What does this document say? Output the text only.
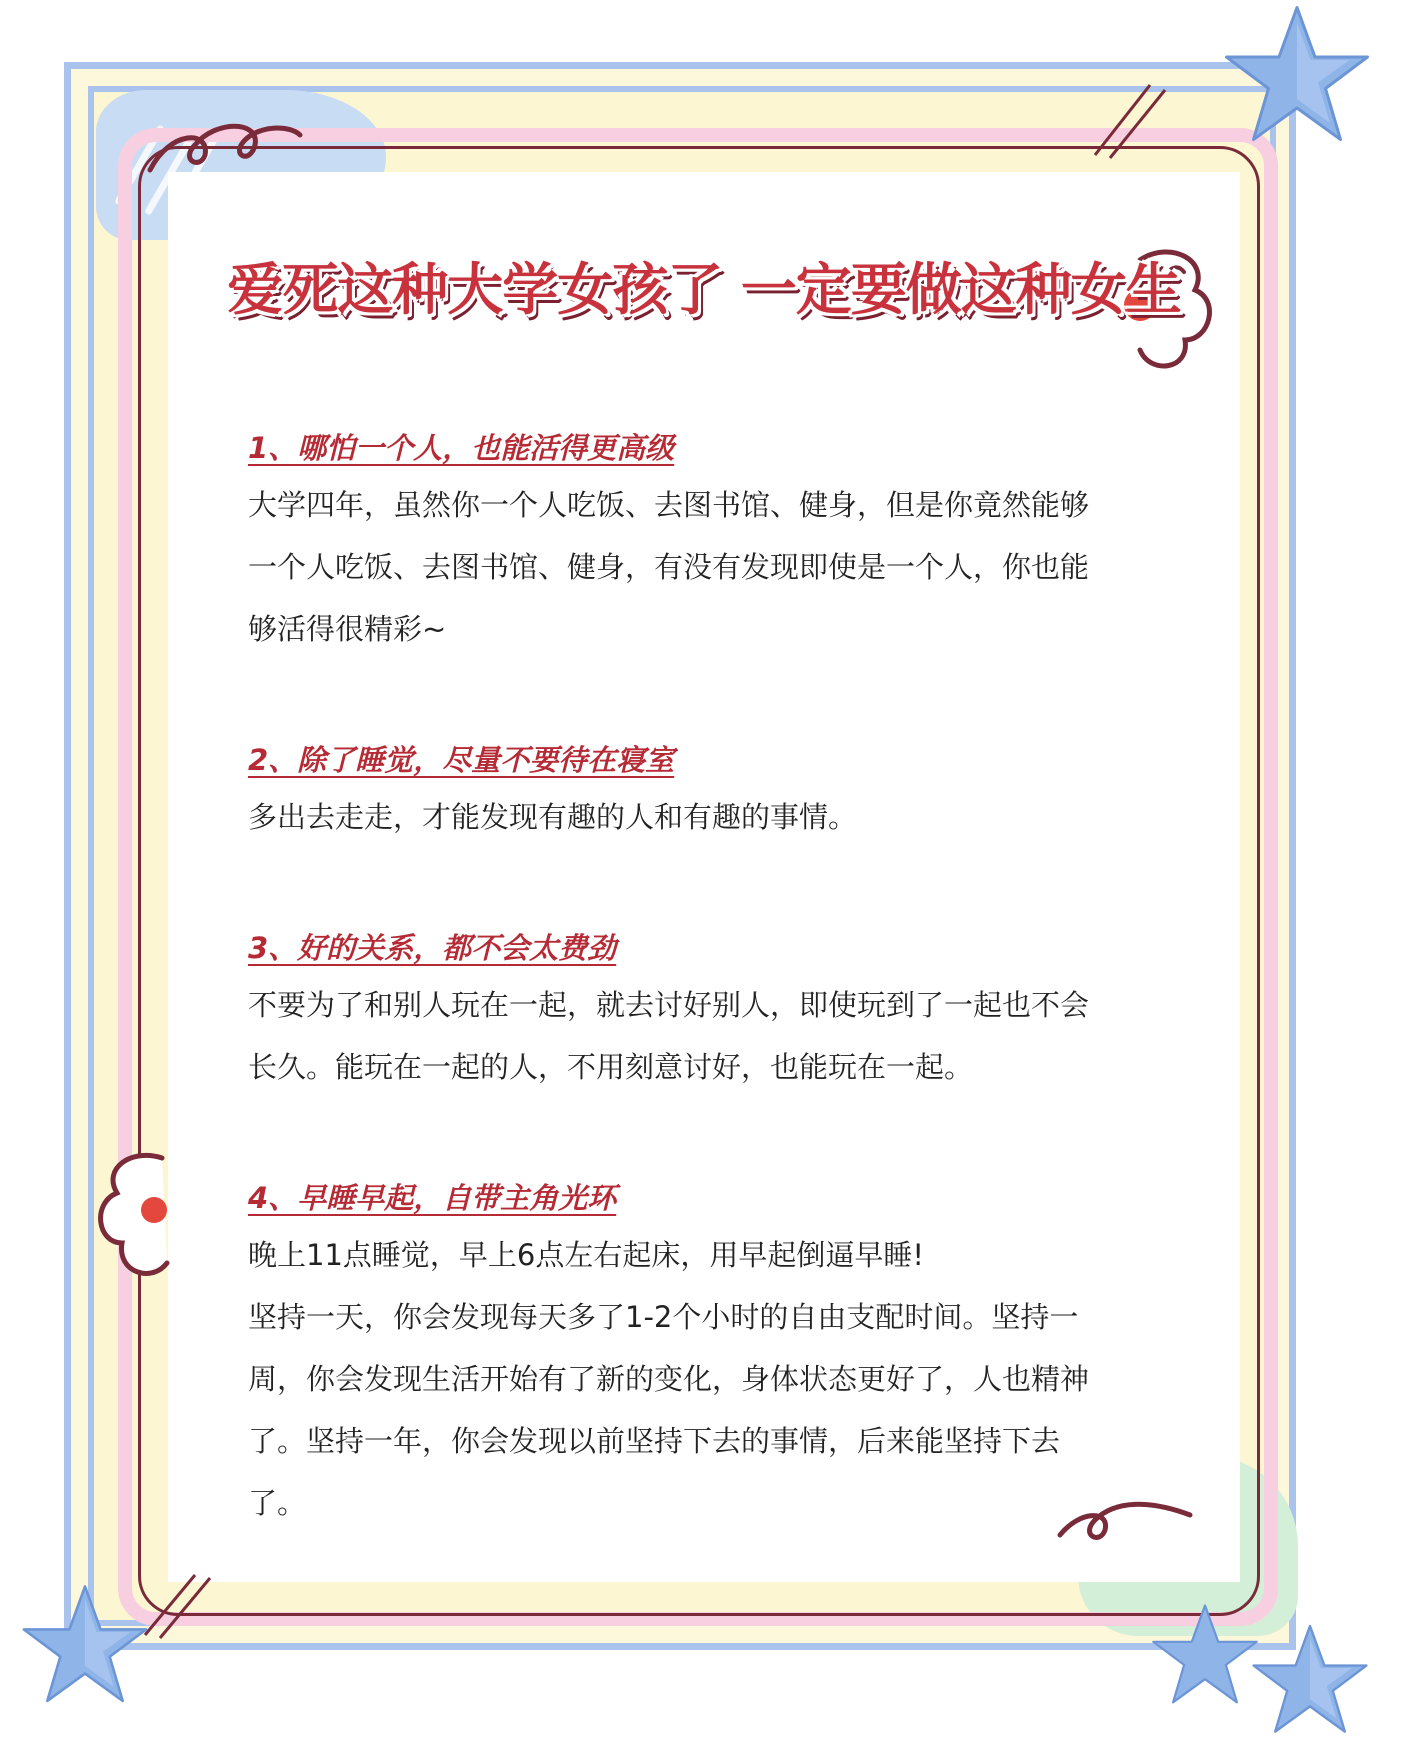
爱死这种大学女孩了 一定要做这种女生

1、哪怕一个人，也能活得更高级

大学四年，虽然你一个人吃饭、去图书馆、健身，但是你竟然能够
一个人吃饭、去图书馆、健身，有没有发现即使是一个人，你也能
够活得很精彩~

2、除了睡觉，尽量不要待在寝室

多出去走走，才能发现有趣的人和有趣的事情。

3、好的关系，都不会太费劲

不要为了和别人玩在一起，就去讨好别人，即使玩到了一起也不会
长久。能玩在一起的人，不用刻意讨好，也能玩在一起。

4、早睡早起，自带主角光环

晚上11点睡觉，早上6点左右起床，用早起倒逼早睡!
坚持一天，你会发现每天多了1-2个小时的自由支配时间。坚持一
周，你会发现生活开始有了新的变化，身体状态更好了，人也精神
了。坚持一年，你会发现以前坚持下去的事情，后来能坚持下去
了。
